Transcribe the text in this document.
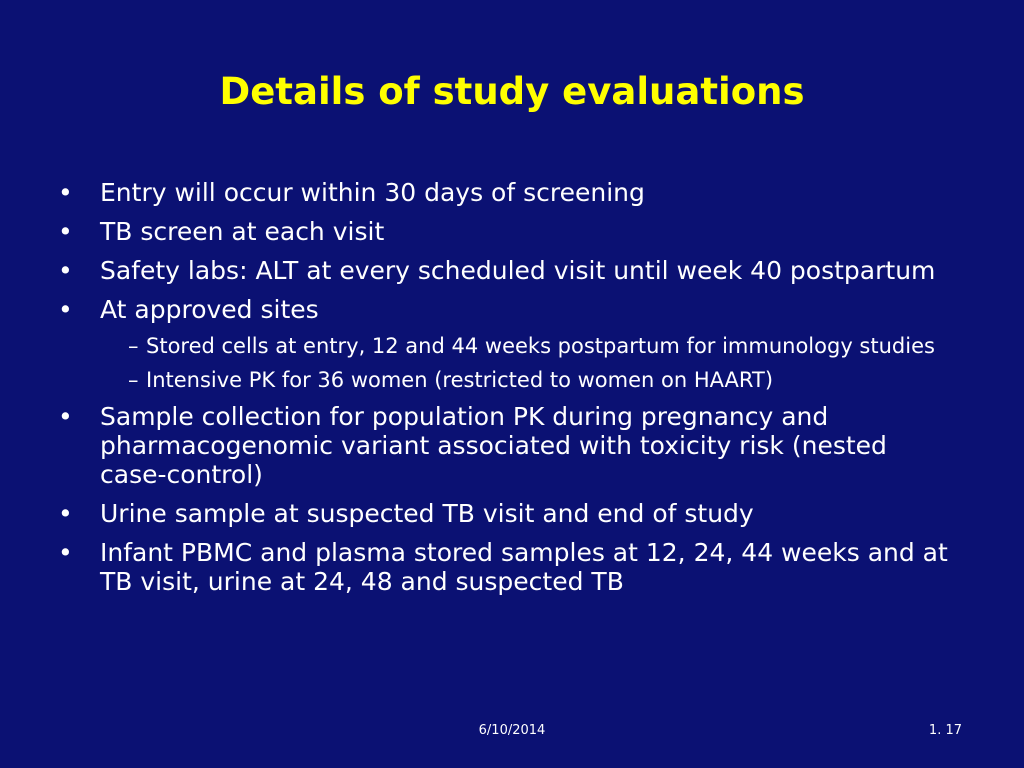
Details of study evaluations
•	Entry will occur within 30 days of screening
•	TB screen at each visit
•	Safety labs: ALT at every scheduled visit until week 40 postpartum
•	At approved sites
– Stored cells at entry, 12 and 44 weeks postpartum for immunology studies
– Intensive PK for 36 women (restricted to women on HAART)
•	Sample collection for population PK during pregnancy and pharmacogenomic variant associated with toxicity risk (nested case-control)
•	Urine sample at suspected TB visit and end of study
•	Infant PBMC and plasma stored samples at 12, 24, 44 weeks and at TB visit, urine at 24, 48 and suspected TB
6/10/2014	1. 17
